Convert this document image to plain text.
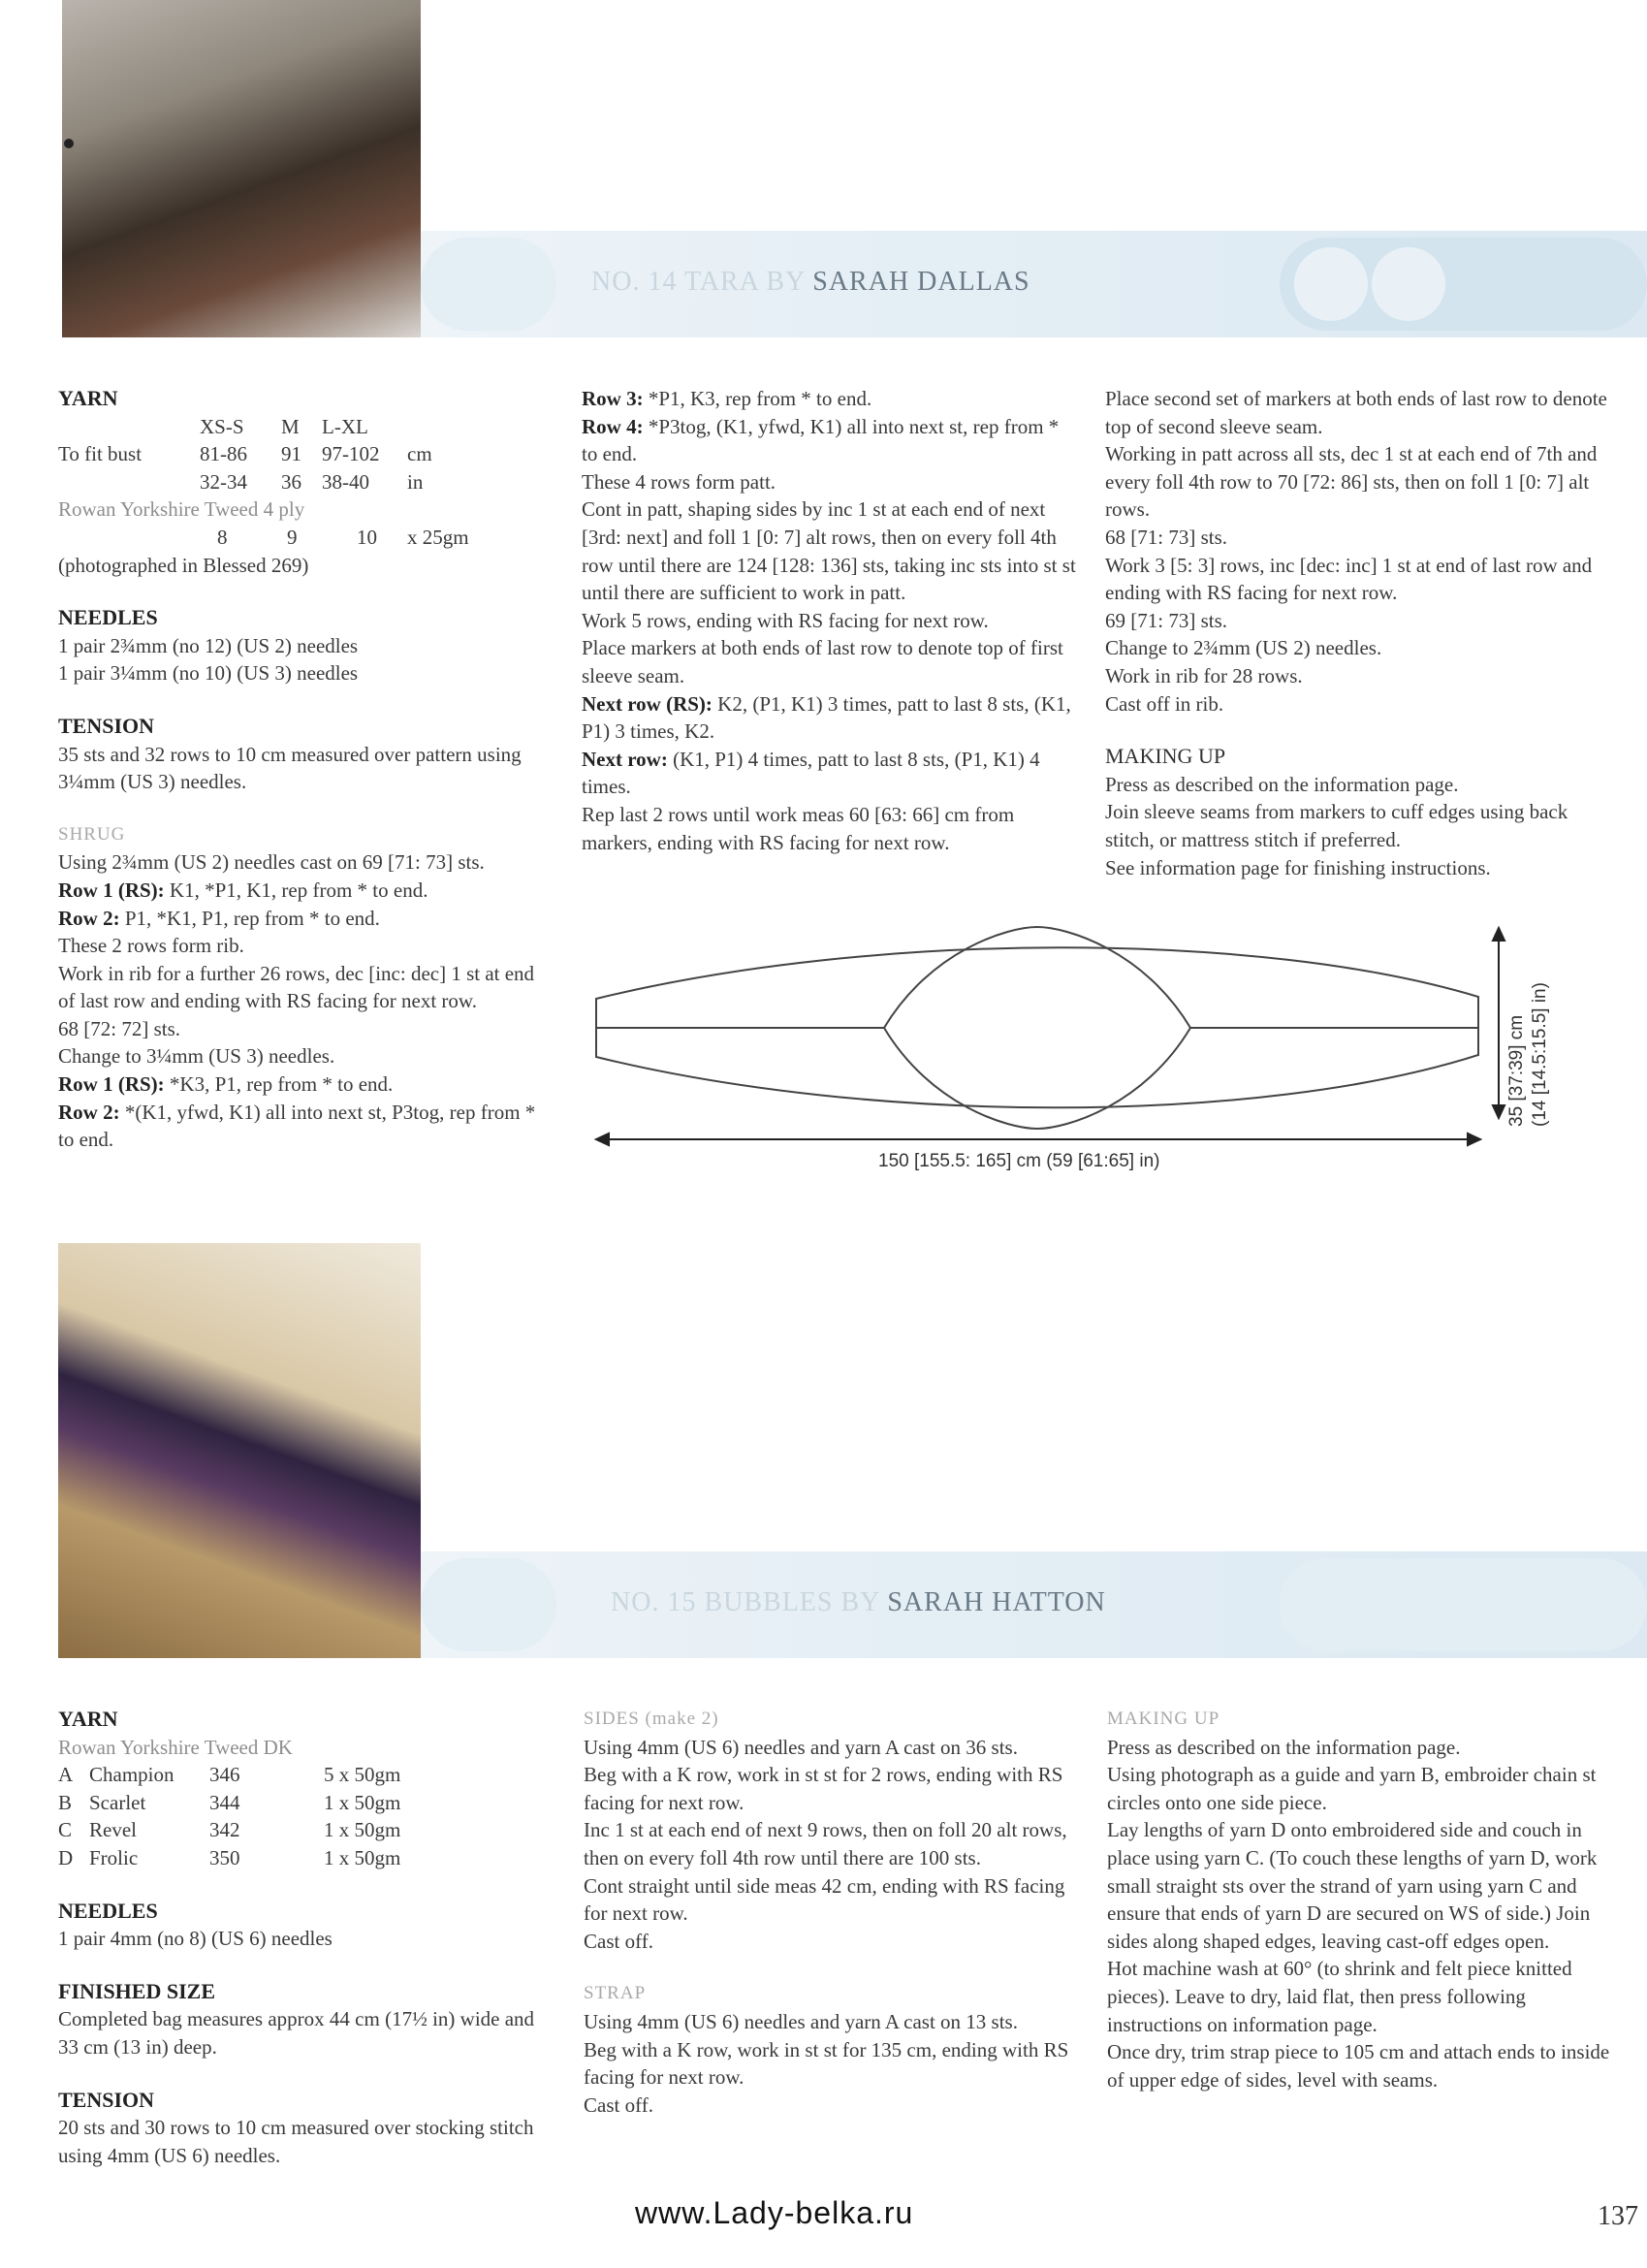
NO. 14 TARA BY SARAH DALLAS

YARN

	XS-S	M	L-XL	
To fit bust	81-86	91	97-102	cm
	32-34	36	38-40	in

Rowan Yorkshire Tweed 4 ply

	8	9	10	x 25gm

(photographed in Blessed 269)

NEEDLES

1 pair 2¾mm (no 12) (US 2) needles

1 pair 3¼mm (no 10) (US 3) needles

TENSION

35 sts and 32 rows to 10 cm measured over pattern using 3¼mm (US 3) needles.

SHRUG

Using 2¾mm (US 2) needles cast on 69 [71: 73] sts.

Row 1 (RS): K1, *P1, K1, rep from * to end.

Row 2: P1, *K1, P1, rep from * to end.

These 2 rows form rib.

Work in rib for a further 26 rows, dec [inc: dec] 1 st at end of last row and ending with RS facing for next row.

68 [72: 72] sts.

Change to 3¼mm (US 3) needles.

Row 1 (RS): *K3, P1, rep from * to end.

Row 2: *(K1, yfwd, K1) all into next st, P3tog, rep from * to end.

Row 3: *P1, K3, rep from * to end.

Row 4: *P3tog, (K1, yfwd, K1) all into next st, rep from * to end.

These 4 rows form patt.

Cont in patt, shaping sides by inc 1 st at each end of next [3rd: next] and foll 1 [0: 7] alt rows, then on every foll 4th row until there are 124 [128: 136] sts, taking inc sts into st st until there are sufficient to work in patt.

Work 5 rows, ending with RS facing for next row.

Place markers at both ends of last row to denote top of first sleeve seam.

Next row (RS): K2, (P1, K1) 3 times, patt to last 8 sts, (K1, P1) 3 times, K2.

Next row: (K1, P1) 4 times, patt to last 8 sts, (P1, K1) 4 times.

Rep last 2 rows until work meas 60 [63: 66] cm from markers, ending with RS facing for next row.

Place second set of markers at both ends of last row to denote top of second sleeve seam.

Working in patt across all sts, dec 1 st at each end of 7th and every foll 4th row to 70 [72: 86] sts, then on foll 1 [0: 7] alt rows.

68 [71: 73] sts.

Work 3 [5: 3] rows, inc [dec: inc] 1 st at end of last row and ending with RS facing for next row.

69 [71: 73] sts.

Change to 2¾mm (US 2) needles.

Work in rib for 28 rows.

Cast off in rib.

MAKING UP

Press as described on the information page.

Join sleeve seams from markers to cuff edges using back stitch, or mattress stitch if preferred.

See information page for finishing instructions.

150 [155.5: 165] cm (59 [61:65] in)
35 [37:39] cm (14 [14.5:15.5] in)
NO. 15 BUBBLES BY SARAH HATTON

YARN

Rowan Yorkshire Tweed DK

A	Champion	346	5 x 50gm
B	Scarlet	344	1 x 50gm
C	Revel	342	1 x 50gm
D	Frolic	350	1 x 50gm

NEEDLES

1 pair 4mm (no 8) (US 6) needles

FINISHED SIZE

Completed bag measures approx 44 cm (17½ in) wide and 33 cm (13 in) deep.

TENSION

20 sts and 30 rows to 10 cm measured over stocking stitch using 4mm (US 6) needles.

SIDES (make 2)

Using 4mm (US 6) needles and yarn A cast on 36 sts.

Beg with a K row, work in st st for 2 rows, ending with RS facing for next row.

Inc 1 st at each end of next 9 rows, then on foll 20 alt rows, then on every foll 4th row until there are 100 sts.

Cont straight until side meas 42 cm, ending with RS facing for next row.

Cast off.

STRAP

Using 4mm (US 6) needles and yarn A cast on 13 sts.

Beg with a K row, work in st st for 135 cm, ending with RS facing for next row.

Cast off.

MAKING UP

Press as described on the information page.

Using photograph as a guide and yarn B, embroider chain st circles onto one side piece.

Lay lengths of yarn D onto embroidered side and couch in place using yarn C. (To couch these lengths of yarn D, work small straight sts over the strand of yarn using yarn C and ensure that ends of yarn D are secured on WS of side.) Join sides along shaped edges, leaving cast-off edges open.

Hot machine wash at 60° (to shrink and felt piece knitted pieces). Leave to dry, laid flat, then press following instructions on information page.

Once dry, trim strap piece to 105 cm and attach ends to inside of upper edge of sides, level with seams.

www.Lady-belka.ru	137
